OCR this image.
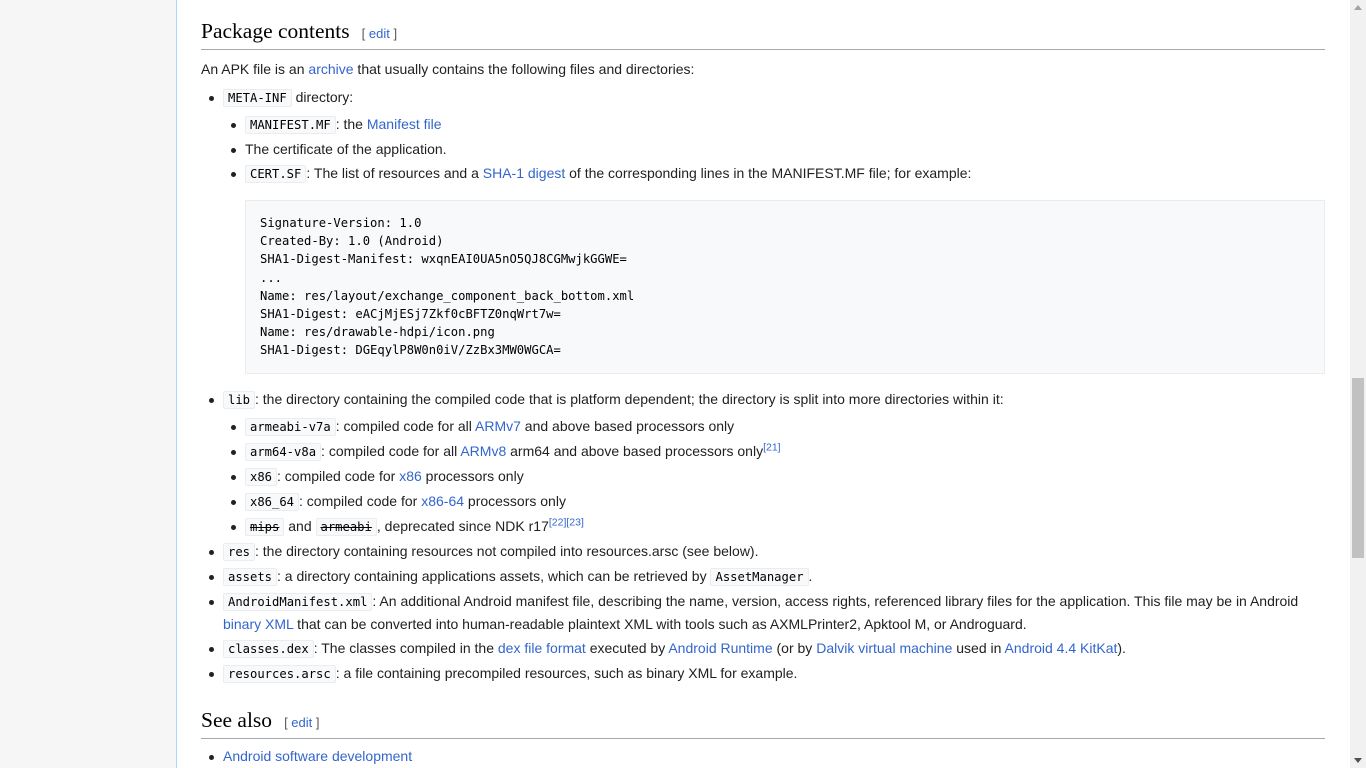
Package contents [ edit ]

An APK file is an archive that usually contains the following files and directories:

META-INF directory:
MANIFEST.MF : the Manifest file
The certificate of the application.
CERT.SF : The list of resources and a SHA-1 digest of the corresponding lines in the MANIFEST.MF file; for example:
Signature-Version: 1.0
Created-By: 1.0 (Android)
SHA1-Digest-Manifest: wxqnEAI0UA5nO5QJ8CGMwjkGGWE=
...
Name: res/layout/exchange_component_back_bottom.xml
SHA1-Digest: eACjMjESj7Zkf0cBFTZ0nqWrt7w=
Name: res/drawable-hdpi/icon.png
SHA1-Digest: DGEqylP8W0n0iV/ZzBx3MW0WGCA=
lib : the directory containing the compiled code that is platform dependent; the directory is split into more directories within it:
armeabi-v7a : compiled code for all ARMv7 and above based processors only
arm64-v8a : compiled code for all ARMv8 arm64 and above based processors only[21]
x86 : compiled code for x86 processors only
x86_64 : compiled code for x86-64 processors only
mips and armeabi , deprecated since NDK r17[22][23]
res : the directory containing resources not compiled into resources.arsc (see below).
assets : a directory containing applications assets, which can be retrieved by AssetManager .
AndroidManifest.xml : An additional Android manifest file, describing the name, version, access rights, referenced library files for the application. This file may be in Android binary XML that can be converted into human-readable plaintext XML with tools such as AXMLPrinter2, Apktool M, or Androguard.
classes.dex : The classes compiled in the dex file format executed by Android Runtime (or by Dalvik virtual machine used in Android 4.4 KitKat).
resources.arsc : a file containing precompiled resources, such as binary XML for example.
See also [ edit ]
Android software development
